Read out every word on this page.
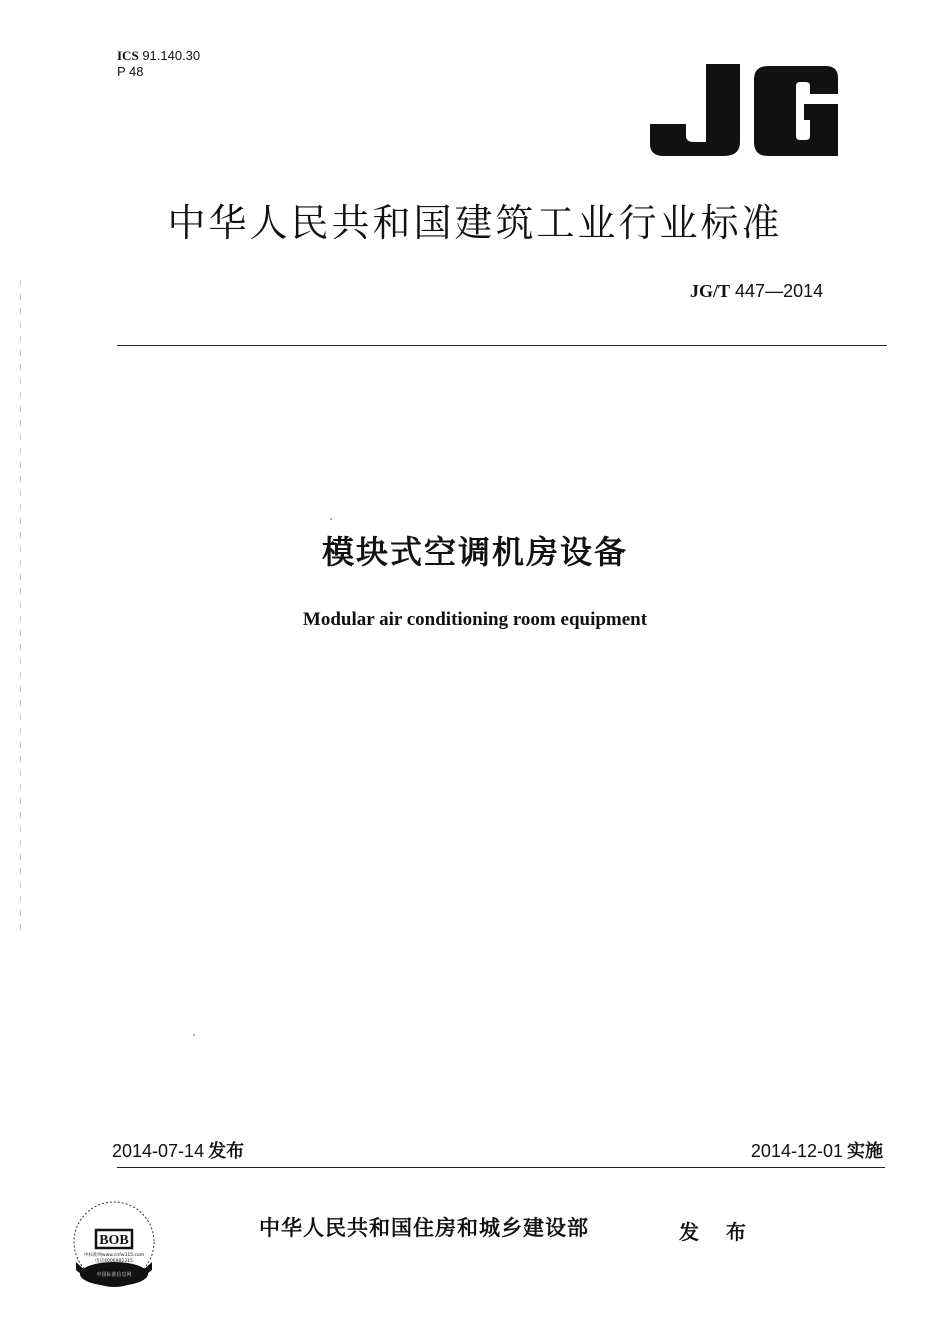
ICS 91.140.30
P 48	JG
中华人民共和国建筑工业行业标准
JG/T 447—2014
模块式空调机房设备
Modular air conditioning room equipment
2014-07-14 发布	2014-12-01 实施
BOB
中标准网www.cnfw315.com
电话4006982315
中国标准信息网
中华人民共和国住房和城乡建设部	发 布
